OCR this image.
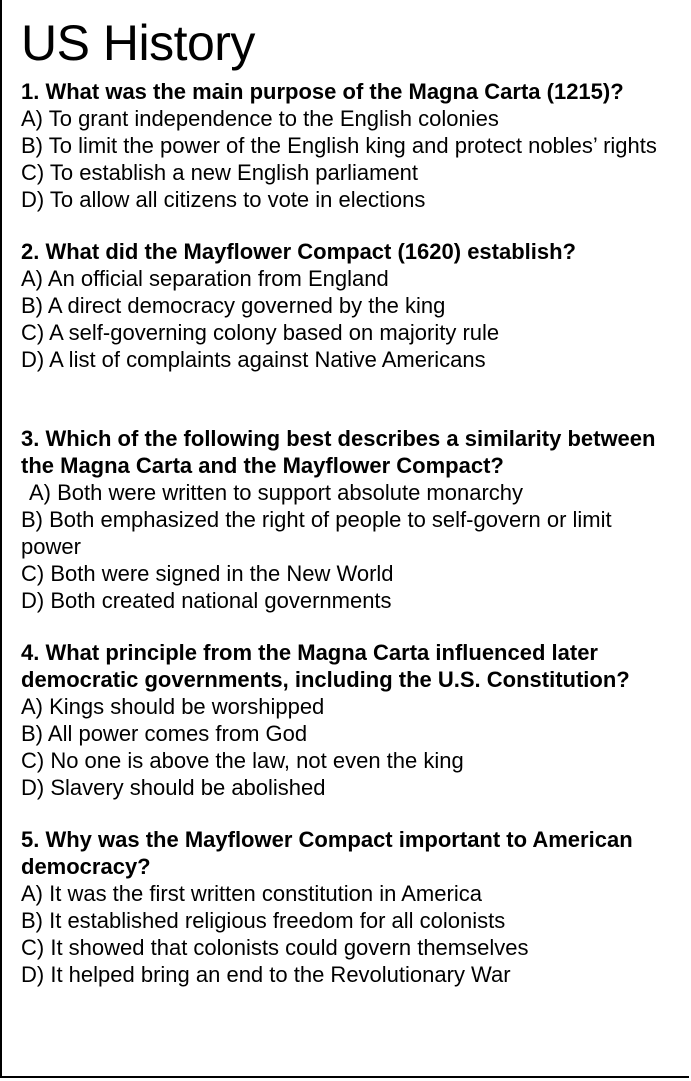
US History

1. What was the main purpose of the Magna Carta (1215)?

A) To grant independence to the English colonies

B) To limit the power of the English king and protect nobles’ rights

C) To establish a new English parliament

D) To allow all citizens to vote in elections

2. What did the Mayflower Compact (1620) establish?

A) An official separation from England

B) A direct democracy governed by the king

C) A self-governing colony based on majority rule

D) A list of complaints against Native Americans

3. Which of the following best describes a similarity between the Magna Carta and the Mayflower Compact?

A) Both were written to support absolute monarchy

B) Both emphasized the right of people to self-govern or limit power

C) Both were signed in the New World

D) Both created national governments

4. What principle from the Magna Carta influenced later democratic governments, including the U.S. Constitution?

A) Kings should be worshipped

B) All power comes from God

C) No one is above the law, not even the king

D) Slavery should be abolished

5. Why was the Mayflower Compact important to American democracy?

A) It was the first written constitution in America

B) It established religious freedom for all colonists

C) It showed that colonists could govern themselves

D) It helped bring an end to the Revolutionary War
